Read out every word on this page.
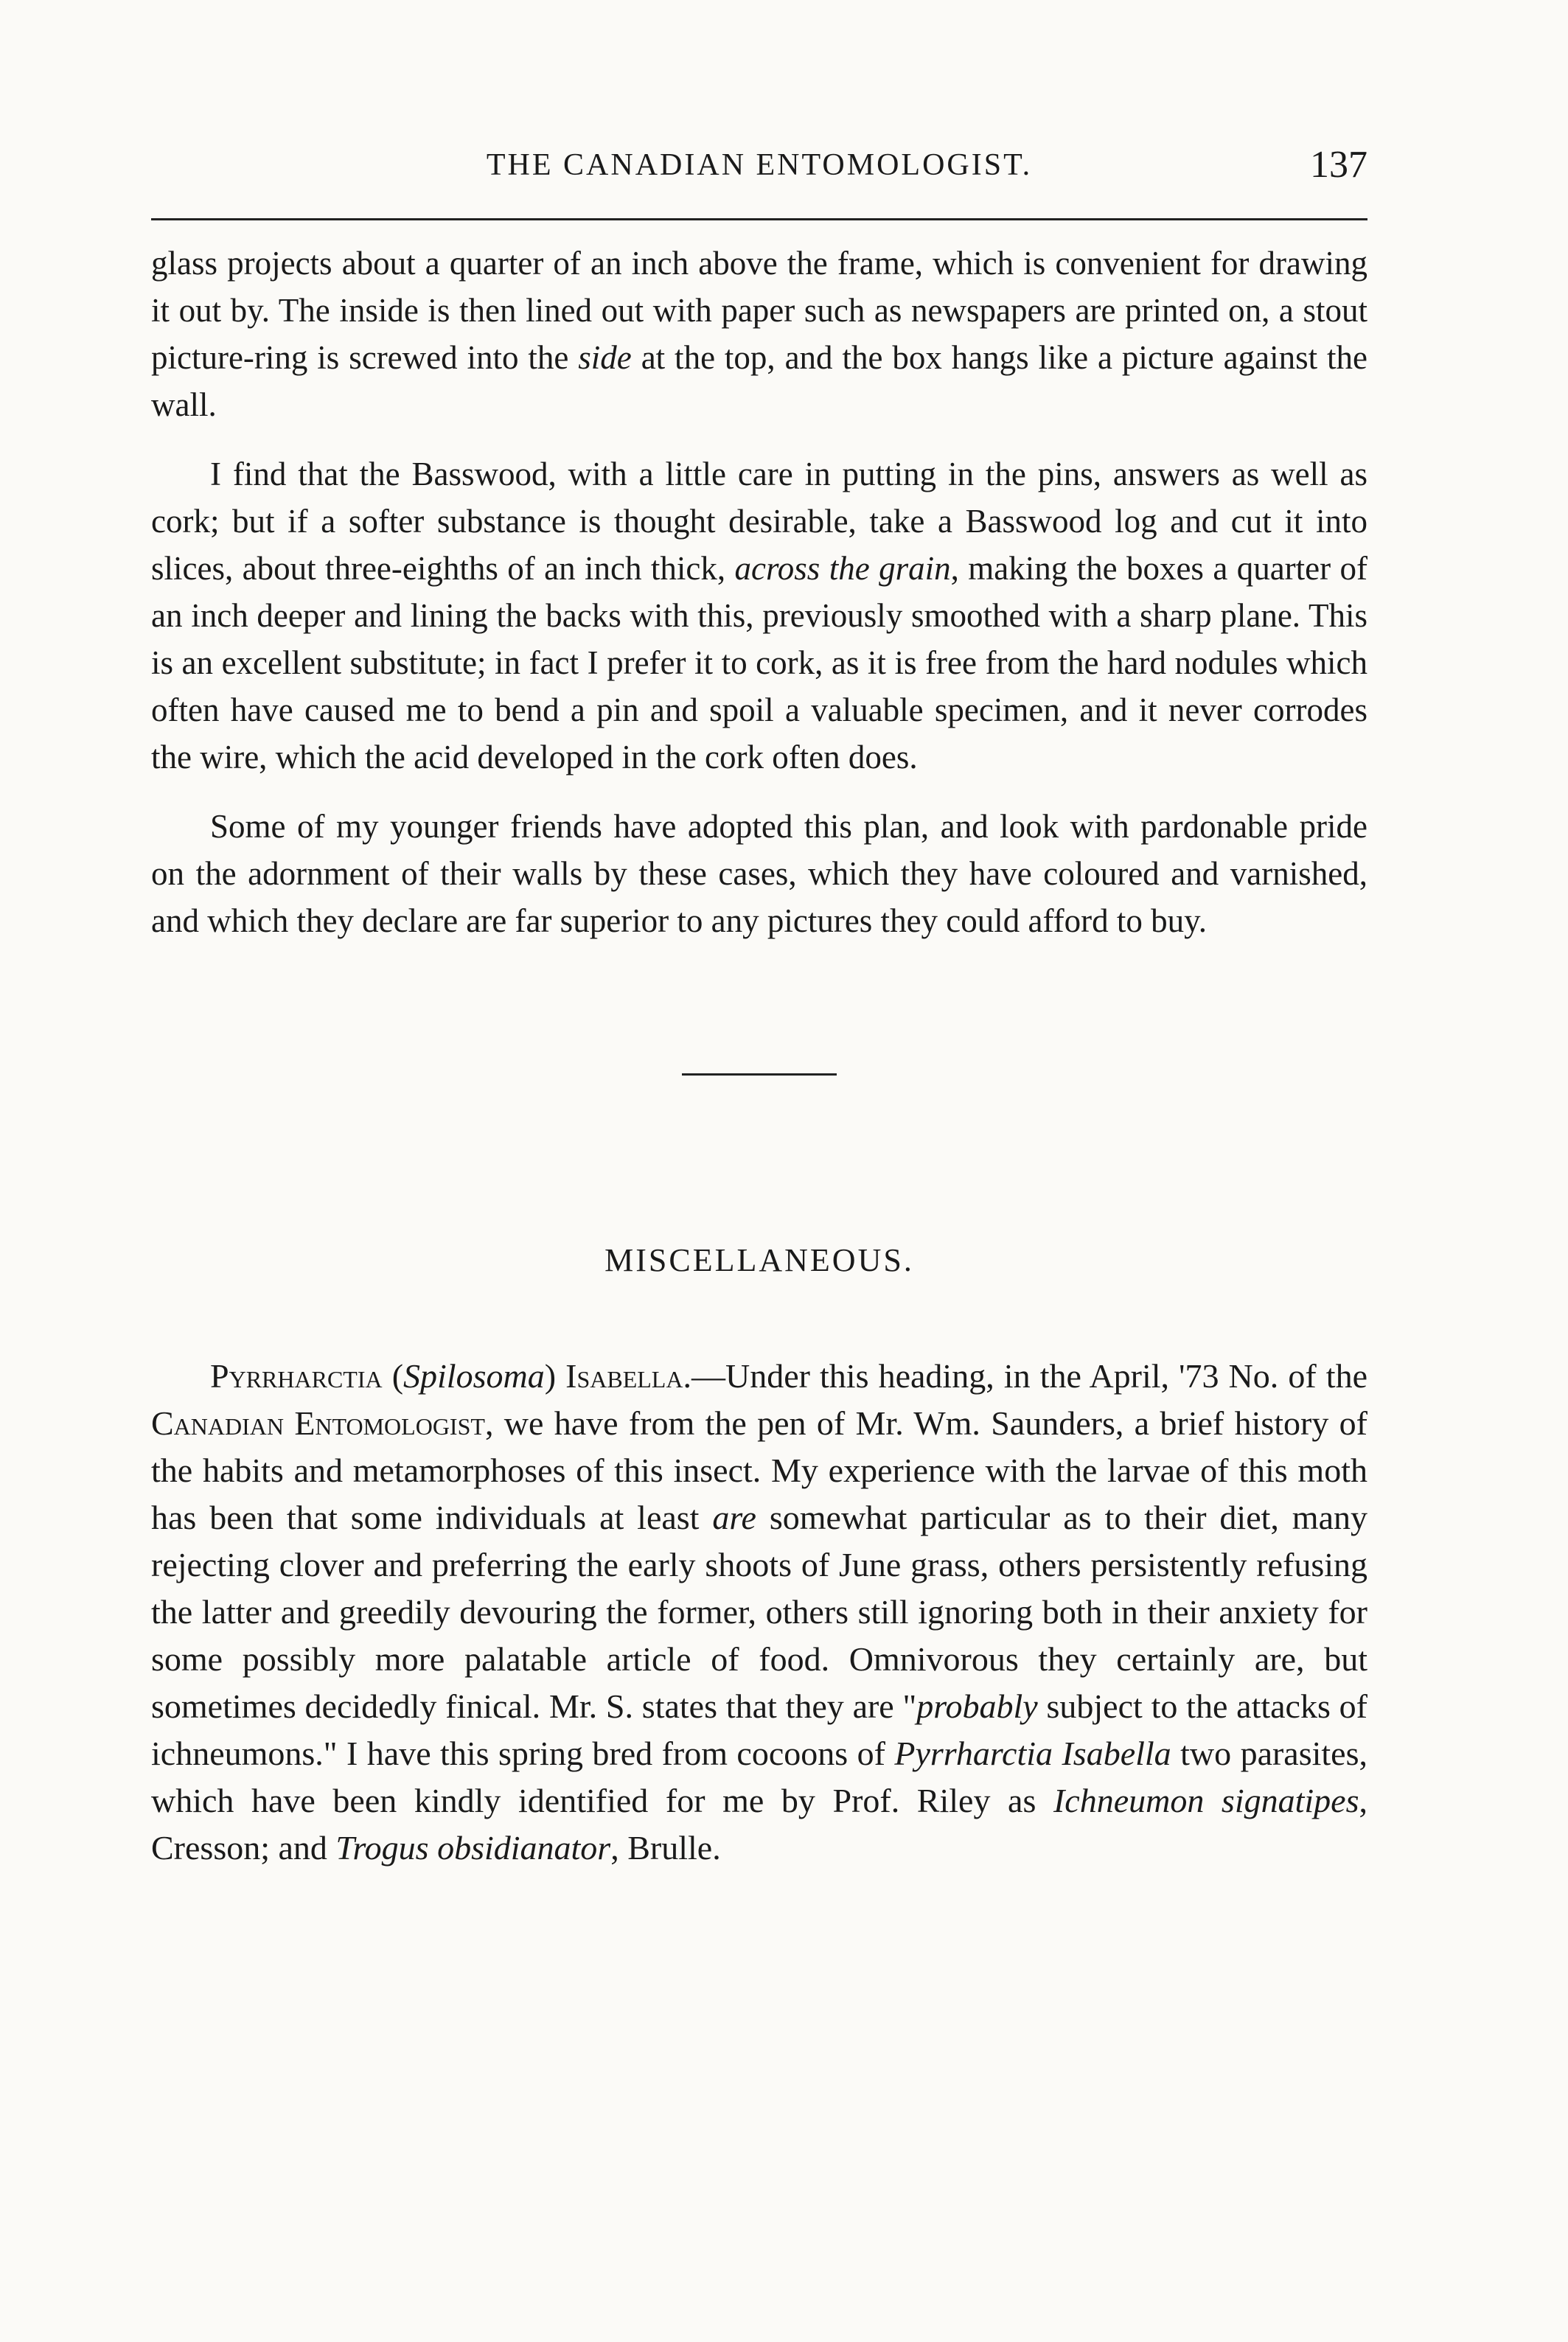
THE CANADIAN ENTOMOLOGIST.	137

glass projects about a quarter of an inch above the frame, which is convenient for drawing it out by. The inside is then lined out with paper such as newspapers are printed on, a stout picture-ring is screwed into the side at the top, and the box hangs like a picture against the wall.

I find that the Basswood, with a little care in putting in the pins, answers as well as cork; but if a softer substance is thought desirable, take a Basswood log and cut it into slices, about three-eighths of an inch thick, across the grain, making the boxes a quarter of an inch deeper and lining the backs with this, previously smoothed with a sharp plane. This is an excellent substitute; in fact I prefer it to cork, as it is free from the hard nodules which often have caused me to bend a pin and spoil a valuable specimen, and it never corrodes the wire, which the acid developed in the cork often does.

Some of my younger friends have adopted this plan, and look with pardonable pride on the adornment of their walls by these cases, which they have coloured and varnished, and which they declare are far superior to any pictures they could afford to buy.

MISCELLANEOUS.

Pyrrharctia (Spilosoma) Isabella.—Under this heading, in the April, '73 No. of the Canadian Entomologist, we have from the pen of Mr. Wm. Saunders, a brief history of the habits and metamorphoses of this insect. My experience with the larvae of this moth has been that some individuals at least are somewhat particular as to their diet, many rejecting clover and preferring the early shoots of June grass, others persistently refusing the latter and greedily devouring the former, others still ignoring both in their anxiety for some possibly more palatable article of food. Omnivorous they certainly are, but sometimes decidedly finical. Mr. S. states that they are "probably subject to the attacks of ichneumons." I have this spring bred from cocoons of Pyrrharctia Isabella two parasites, which have been kindly identified for me by Prof. Riley as Ichneumon signatipes, Cresson; and Trogus obsidianator, Brulle.
